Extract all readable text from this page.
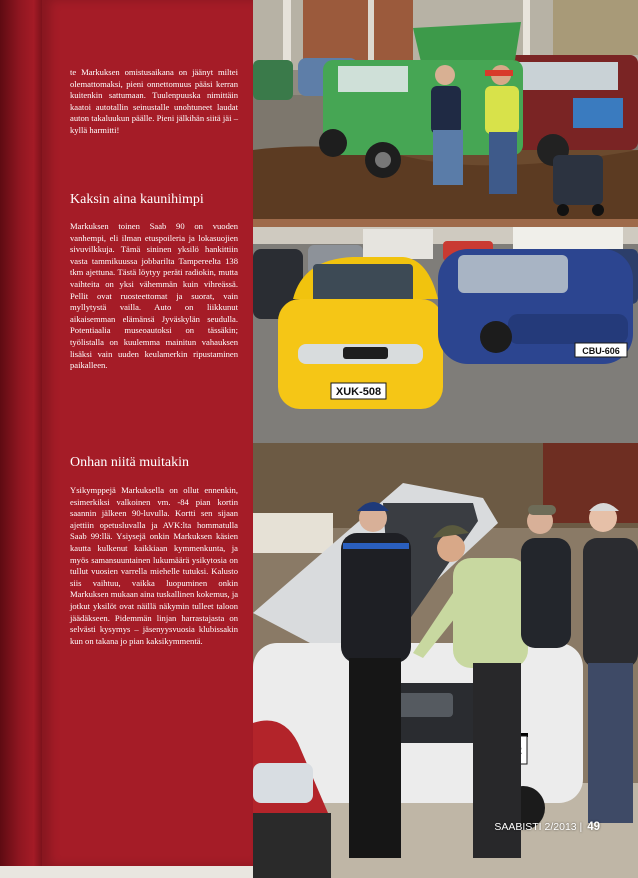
te Markuksen omistusaikana on jäänyt miltei olemattomaksi, pieni onnettomuus pääsi kerran kuitenkin sattumaan. Tuulenpuuska nimittäin kaatoi autotallin seinustalle unohtuneet laudat auton takaluukun päälle. Pieni jälkihän siitä jäi – kyllä harmitti!

Kaksin aina kaunihimpi

Markuksen toinen Saab 90 on vuoden vanhempi, eli ilman etuspoileria ja lokasuojien sivuvilkkuja. Tämä sininen yksilö hankittiin vasta tammikuussa jobbarilta Tampereelta 138 tkm ajettuna. Tästä löytyy peräti radiokin, mutta vaihteita on yksi vähemmän kuin vihreässä. Pellit ovat ruosteettomat ja suorat, vain myllytystä vailla. Auto on liikkunut aikaisemman elämänsä Jyväskylän seudulla. Potentiaalia museoautoksi on tässäkin; työlistalla on kuulemma mainitun vahauksen lisäksi vain uuden keulamerkin ripustaminen paikalleen.

Onhan niitä muitakin

Ysikymppejä Markuksella on ollut ennenkin, esimerkiksi valkoinen vm. -84 pian kortin saannin jälkeen 90-luvulla. Kortti sen sijaan ajettiin opetusluvalla ja AVK:lta hommatulla Saab 99:llä. Ysiysejä onkin Markuksen käsien kautta kulkenut kaikkiaan kymmenkunta, ja myös samansuuntainen lukumäärä ysikytosia on tullut vuosien varrella miehelle tutuksi. Kalusto siis vaihtuu, vaikka luopuminen onkin Markuksen mukaan aina tuskallinen kokemus, ja jotkut yksilöt ovat näillä näkymin tulleet taloon jäädäkseen. Pidemmän linjan harrastajasta on selvästi kysymys – jäsenyysvuosia klubissakin kun on takana jo pian kaksikymmentä.

XUK-508
CBU-606
SAABISTI 2/2013 | 49
